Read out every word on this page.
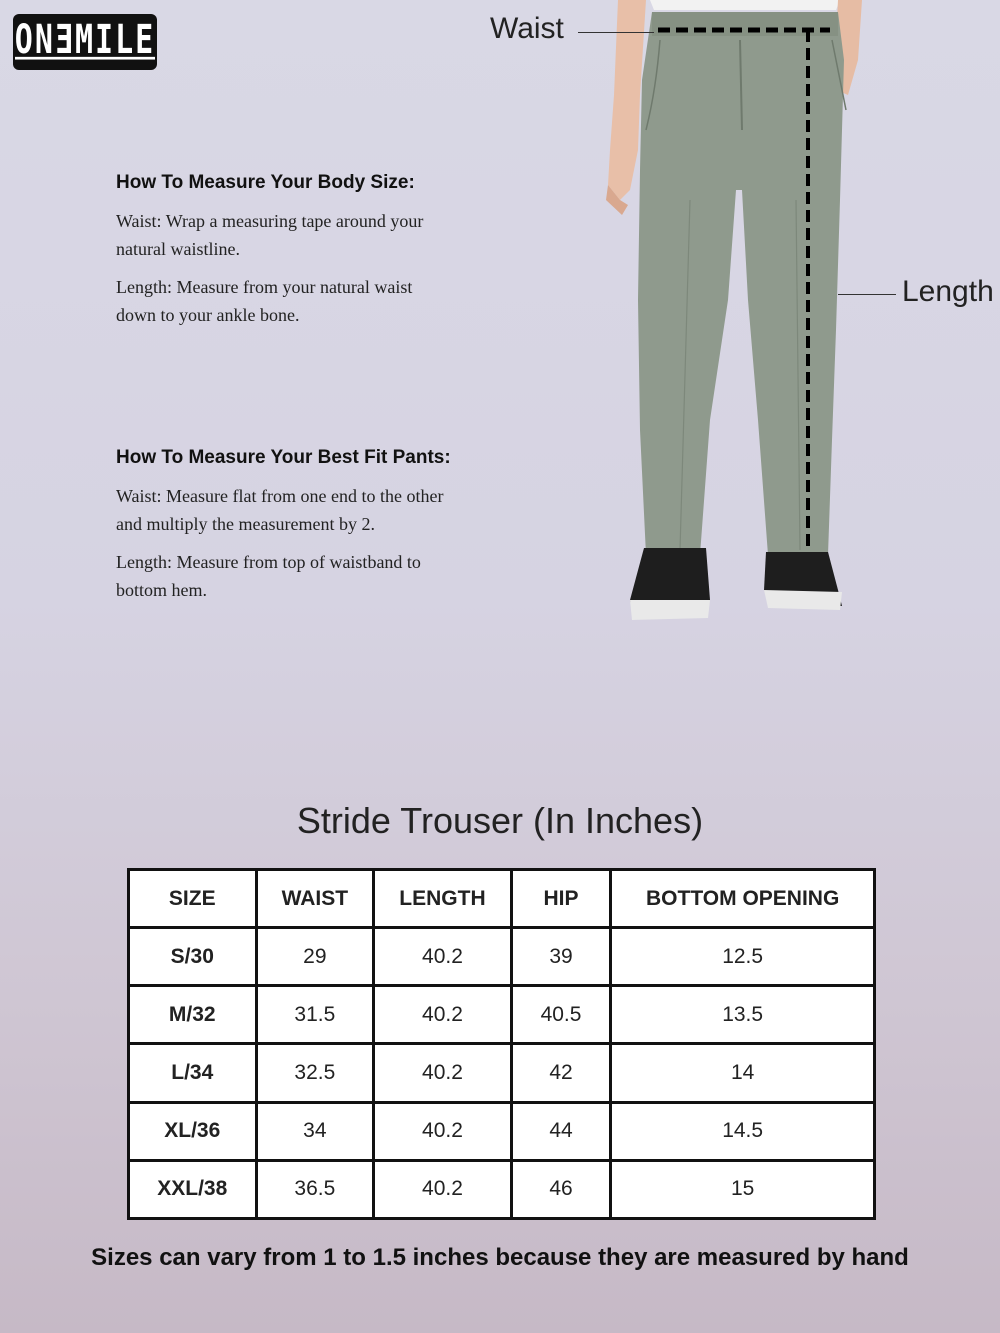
ONƎMILE
How To Measure Your Body Size:

Waist: Wrap a measuring tape around your natural waistline.

Length: Measure from your natural waist down to your ankle bone.

How To Measure Your Best Fit Pants:

Waist: Measure flat from one end to the other and multiply the measurement by 2.

Length: Measure from top of waistband to bottom hem.

Waist
Length
Stride Trouser (In Inches)
SIZE	WAIST	LENGTH	HIP	BOTTOM OPENING
S/30	29	40.2	39	12.5
M/32	31.5	40.2	40.5	13.5
L/34	32.5	40.2	42	14
XL/36	34	40.2	44	14.5
XXL/38	36.5	40.2	46	15
Sizes can vary from 1 to 1.5 inches because they are measured by hand
